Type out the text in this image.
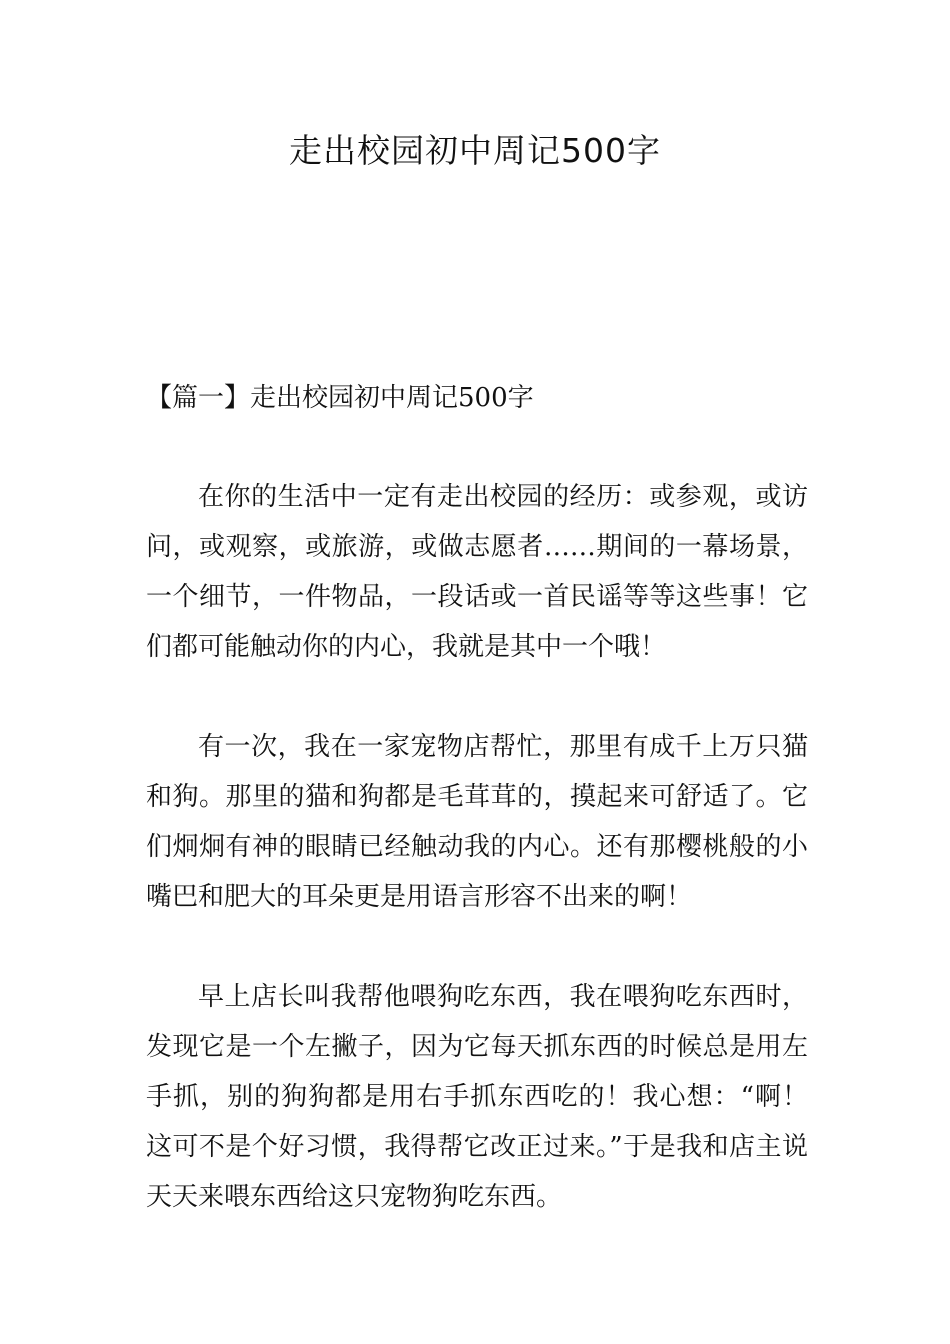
走出校园初中周记500字
【篇一】走出校园初中周记500字

在你的生活中一定有走出校园的经历：或参观，或访问，或观察，或旅游，或做志愿者……期间的一幕场景，一个细节，一件物品，一段话或一首民谣等等这些事！它们都可能触动你的内心，我就是其中一个哦！

有一次，我在一家宠物店帮忙，那里有成千上万只猫和狗。那里的猫和狗都是毛茸茸的，摸起来可舒适了。它们炯炯有神的眼睛已经触动我的内心。还有那樱桃般的小嘴巴和肥大的耳朵更是用语言形容不出来的啊！

早上店长叫我帮他喂狗吃东西，我在喂狗吃东西时，发现它是一个左撇子，因为它每天抓东西的时候总是用左手抓，别的狗狗都是用右手抓东西吃的！我心想：“啊！这可不是个好习惯，我得帮它改正过来。”于是我和店主说天天来喂东西给这只宠物狗吃东西。
